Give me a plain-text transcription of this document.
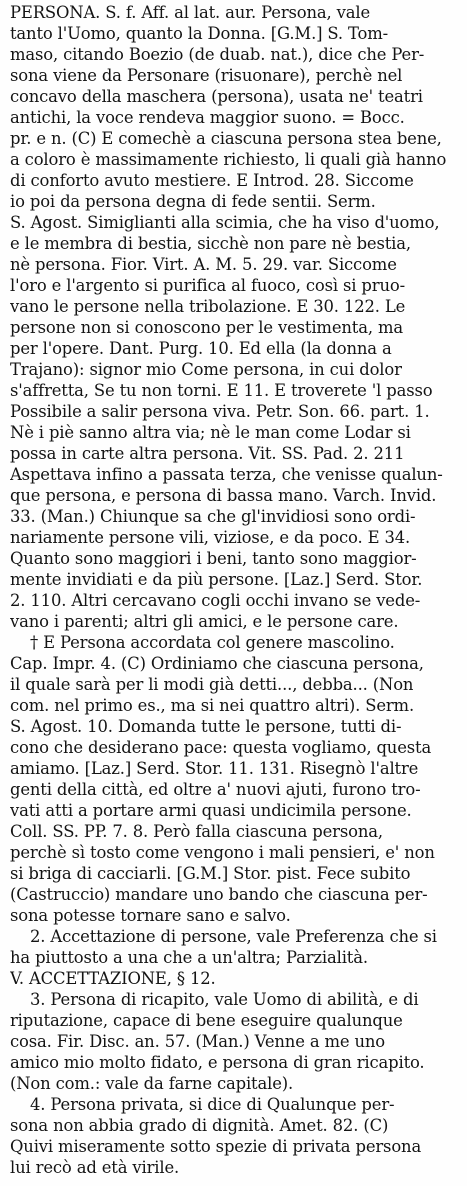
PERSONA. S. f. Aff. al lat. aur. Persona, vale
tanto l'Uomo, quanto la Donna. [G.M.] S. Tom-
maso, citando Boezio (de duab. nat.), dice che Per-
sona viene da Personare (risuonare), perchè nel
concavo della maschera (persona), usata ne' teatri
antichi, la voce rendeva maggior suono. = Bocc.
pr. e n. (C) E comechè a ciascuna persona stea bene,
a coloro è massimamente richiesto, li quali già hanno
di conforto avuto mestiere. E Introd. 28. Siccome
io poi da persona degna di fede sentii. Serm.
S. Agost. Simiglianti alla scimia, che ha viso d'uomo,
e le membra di bestia, sicchè non pare nè bestia,
nè persona. Fior. Virt. A. M. 5. 29. var. Siccome
l'oro e l'argento si purifica al fuoco, così si pruo-
vano le persone nella tribolazione. E 30. 122. Le
persone non si conoscono per le vestimenta, ma
per l'opere. Dant. Purg. 10. Ed ella (la donna a
Trajano): signor mio Come persona, in cui dolor
s'affretta, Se tu non torni. E 11. E troverete 'l passo
Possibile a salir persona viva. Petr. Son. 66. part. 1.
Nè i piè sanno altra via; nè le man come Lodar si
possa in carte altra persona. Vit. SS. Pad. 2. 211
Aspettava infino a passata terza, che venisse qualun-
que persona, e persona di bassa mano. Varch. Invid.
33. (Man.) Chiunque sa che gl'invidiosi sono ordi-
nariamente persone vili, viziose, e da poco. E 34.
Quanto sono maggiori i beni, tanto sono maggior-
mente invidiati e da più persone. [Laz.] Serd. Stor.
2. 110. Altri cercavano cogli occhi invano se vede-
vano i parenti; altri gli amici, e le persone care.
† E Persona accordata col genere mascolino.
Cap. Impr. 4. (C) Ordiniamo che ciascuna persona,
il quale sarà per li modi già detti..., debba... (Non
com. nel primo es., ma si nei quattro altri). Serm.
S. Agost. 10. Domanda tutte le persone, tutti di-
cono che desiderano pace: questa vogliamo, questa
amiamo. [Laz.] Serd. Stor. 11. 131. Risegnò l'altre
genti della città, ed oltre a' nuovi ajuti, furono tro-
vati atti a portare armi quasi undicimila persone.
Coll. SS. PP. 7. 8. Però falla ciascuna persona,
perchè sì tosto come vengono i mali pensieri, e' non
si briga di cacciarli. [G.M.] Stor. pist. Fece subito
(Castruccio) mandare uno bando che ciascuna per-
sona potesse tornare sano e salvo.
2. Accettazione di persone, vale Preferenza che si
ha piuttosto a una che a un'altra; Parzialità.
V. ACCETTAZIONE, § 12.
3. Persona di ricapito, vale Uomo di abilità, e di
riputazione, capace di bene eseguire qualunque
cosa. Fir. Disc. an. 57. (Man.) Venne a me uno
amico mio molto fidato, e persona di gran ricapito.
(Non com.: vale da farne capitale).
4. Persona privata, si dice di Qualunque per-
sona non abbia grado di dignità. Amet. 82. (C)
Quivi miseramente sotto spezie di privata persona
lui recò ad età virile.
